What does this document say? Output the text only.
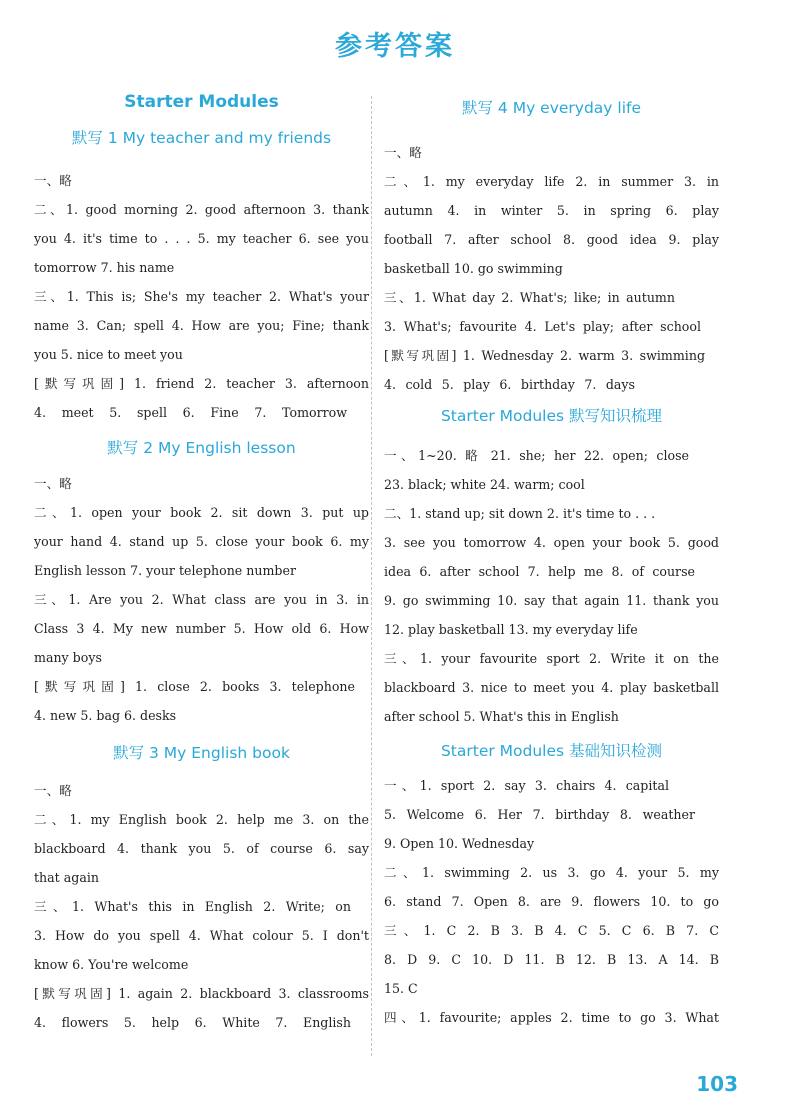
参考答案
Starter Modules
默写 1 My teacher and my friends
一、略
二、1. good morning 2. good afternoon 3. thank
you 4. it's time to . . . 5. my teacher 6. see you
tomorrow 7. his name
三、1. This is; She's my teacher 2. What's your
name 3. Can; spell 4. How are you; Fine; thank
you 5. nice to meet you
[默写巩固] 1. friend 2. teacher 3. afternoon
4. meet 5. spell 6. Fine 7. Tomorrow
默写 2 My English lesson
一、略
二、1. open your book 2. sit down 3. put up
your hand 4. stand up 5. close your book 6. my
English lesson 7. your telephone number
三、1. Are you 2. What class are you in 3. in
Class 3 4. My new number 5. How old 6. How
many boys
[默写巩固] 1. close 2. books 3. telephone
4. new 5. bag 6. desks
默写 3 My English book
一、略
二、1. my English book 2. help me 3. on the
blackboard 4. thank you 5. of course 6. say
that again
三、1. What's this in English 2. Write; on
3. How do you spell 4. What colour 5. I don't
know 6. You're welcome
[默写巩固] 1. again 2. blackboard 3. classrooms
4. flowers 5. help 6. White 7. English
默写 4 My everyday life
一、略
二、1. my everyday life 2. in summer 3. in
autumn 4. in winter 5. in spring 6. play
football 7. after school 8. good idea 9. play
basketball 10. go swimming
三、1. What day 2. What's; like; in autumn
3. What's; favourite 4. Let's play; after school
[默写巩固] 1. Wednesday 2. warm 3. swimming
4. cold 5. play 6. birthday 7. days
Starter Modules 默写知识梳理
一、1~20. 略 21. she; her 22. open; close
23. black; white 24. warm; cool
二、1. stand up; sit down 2. it's time to . . .
3. see you tomorrow 4. open your book 5. good
idea 6. after school 7. help me 8. of course
9. go swimming 10. say that again 11. thank you
12. play basketball 13. my everyday life
三、1. your favourite sport 2. Write it on the
blackboard 3. nice to meet you 4. play basketball
after school 5. What's this in English
Starter Modules 基础知识检测
一、1. sport 2. say 3. chairs 4. capital
5. Welcome 6. Her 7. birthday 8. weather
9. Open 10. Wednesday
二、1. swimming 2. us 3. go 4. your 5. my
6. stand 7. Open 8. are 9. flowers 10. to go
三、1. C 2. B 3. B 4. C 5. C 6. B 7. C
8. D 9. C 10. D 11. B 12. B 13. A 14. B
15. C
四、1. favourite; apples 2. time to go 3. What
103
